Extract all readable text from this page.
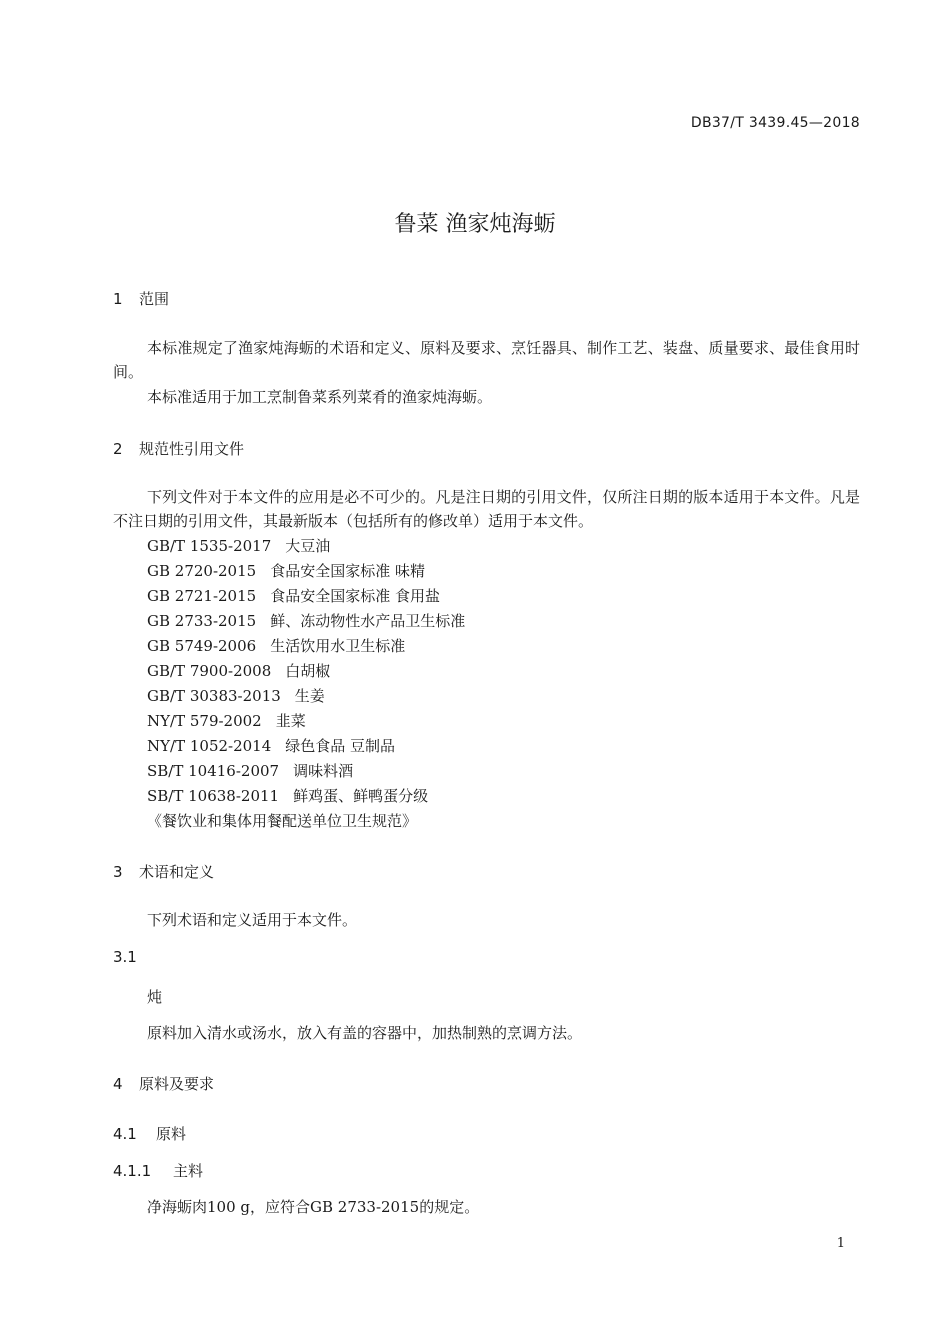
DB37/T 3439.45—2018
鲁菜 渔家炖海蛎
1 范围
本标准规定了渔家炖海蛎的术语和定义、原料及要求、烹饪器具、制作工艺、装盘、质量要求、最佳食用时间。
本标准适用于加工烹制鲁菜系列菜肴的渔家炖海蛎。
2 规范性引用文件
下列文件对于本文件的应用是必不可少的。凡是注日期的引用文件，仅所注日期的版本适用于本文件。凡是不注日期的引用文件，其最新版本（包括所有的修改单）适用于本文件。
GB/T 1535-2017 大豆油
GB 2720-2015 食品安全国家标准 味精
GB 2721-2015 食品安全国家标准 食用盐
GB 2733-2015 鲜、冻动物性水产品卫生标准
GB 5749-2006 生活饮用水卫生标准
GB/T 7900-2008 白胡椒
GB/T 30383-2013 生姜
NY/T 579-2002 韭菜
NY/T 1052-2014 绿色食品 豆制品
SB/T 10416-2007 调味料酒
SB/T 10638-2011 鲜鸡蛋、鲜鸭蛋分级
《餐饮业和集体用餐配送单位卫生规范》
3 术语和定义
下列术语和定义适用于本文件。
3.1
炖
原料加入清水或汤水，放入有盖的容器中，加热制熟的烹调方法。
4 原料及要求
4.1 原料
4.1.1 主料
净海蛎肉100 g，应符合GB 2733-2015的规定。
1
